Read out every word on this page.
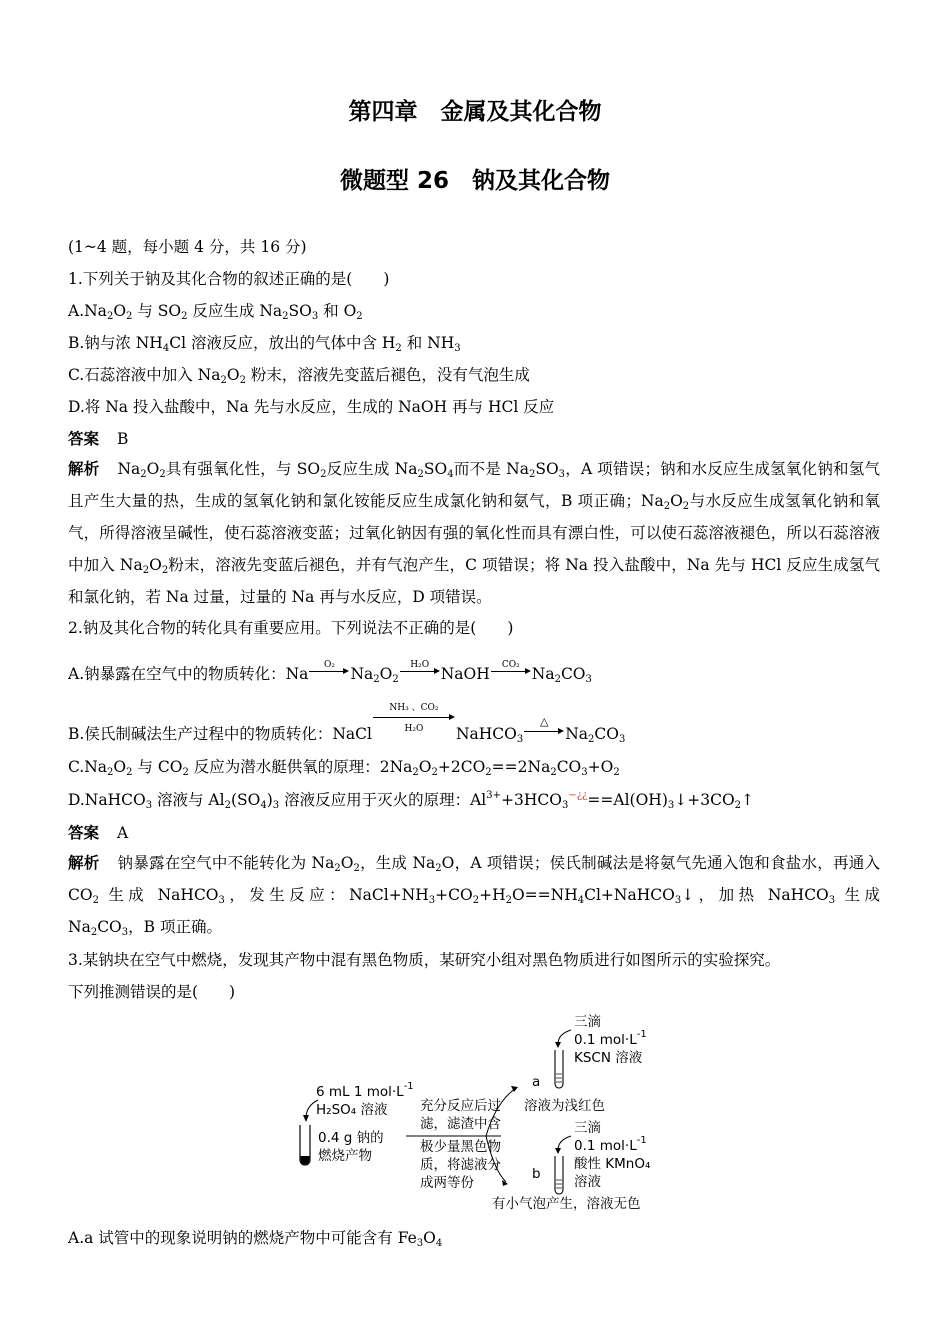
第四章　金属及其化合物
微题型 26　钠及其化合物
(1~4 题，每小题 4 分，共 16 分)
1.下列关于钠及其化合物的叙述正确的是(　　)
$A.Na_2O_2$ 与 $SO_2$ 反应生成 $Na_2SO_3$ 和 $O_2$
B.钠与浓 $NH_4Cl$ 溶液反应，放出的气体中含 $H_2$ 和 $NH_3$
C.石蕊溶液中加入 $Na_2O_2$ 粉末，溶液先变蓝后褪色，没有气泡生成
D.将 Na 投入盐酸中，Na 先与水反应，生成的 NaOH 再与 HCl 反应
答案 B
解析 $Na_2O_2$具有强氧化性，与 $SO_2$反应生成 $Na_2SO_4$而不是 $Na_2SO_3$，A 项错误；钠和水反应生成氢氧化钠和氢气且产生大量的热，生成的氢氧化钠和氯化铵能反应生成氯化钠和氨气，B 项正确；$Na_2O_2$与水反应生成氢氧化钠和氧气，所得溶液呈碱性，使石蕊溶液变蓝；过氧化钠因有强的氧化性而具有漂白性，可以使石蕊溶液褪色，所以石蕊溶液中加入 $Na_2O_2$粉末，溶液先变蓝后褪色，并有气泡产生，C 项错误；将 Na 投入盐酸中，Na 先与 HCl 反应生成氢气和氯化钠，若 Na 过量，过量的 Na 再与水反应，D 项错误。
2.钠及其化合物的转化具有重要应用。下列说法不正确的是(　　)
A.钠暴露在空气中的物质转化：Na	O₂	$Na_2O_2$
H₂O NaOH	CO₂ $Na_2CO_3$
B.侯氏制碱法生产过程中的物质转化：NaCl $\frac{\text{NH₃ 、CO₂}}{\text{H₂O}}$ NaHCO$_3$
△
$Na_2CO_3$
$C.Na_2O_2$ 与 $CO_2$ 反应为潜水艇供氧的原理：$2Na_2O_2+2CO_2==2Na_2CO_3+O_2$
D.NaHCO$_3$ 溶液与 $Al_2(SO_4)_3$ 溶液反应用于灭火的原理：$Al^{3+}+3HCO_3^{-¿¿}==Al(OH)_3↓+3CO_2↑$
答案 A
解析 钠暴露在空气中不能转化为 $Na_2O_2$，生成 $Na_2O$，A 项错误；侯氏制碱法是将氨气先通入饱和食盐水，再通入 $CO_2$ 生成 NaHCO$_3$，发生反应：$NaCl+NH_3+CO_2+H_2O==NH_4Cl+NaHCO_3↓$，加热 NaHCO$_3$ 生成 $Na_2CO_3$，B 项正确。
3.某钠块在空气中燃烧，发现其产物中混有黑色物质，某研究小组对黑色物质进行如图所示的实验探究。
下列推测错误的是(　　)
6 mL 1 $mol\cdot L^{-1}$
H₂SO₄ 溶液
0.4 g 钠的
燃烧产物
充分反应后过
滤，滤渣中含
极少量黑色物
质，将滤液分
成两等份
a
b
三滴
0.1 $mol\cdot L^{-1}$
KSCN 溶液
溶液为浅红色
三滴
0.1 $mol\cdot L^{-1}$
酸性 KMnO₄
溶液
有小气泡产生，溶液无色
A.a 试管中的现象说明钠的燃烧产物中可能含有 $Fe_3O_4$
